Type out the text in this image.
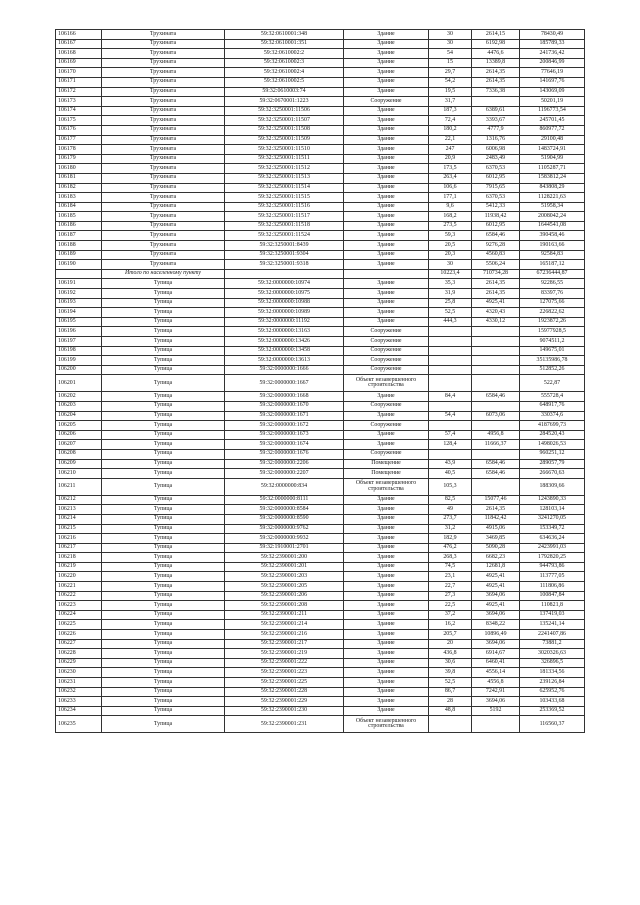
106166	Трухината	59:32:0610001:348	Здание	30	2614,15	78430,49
106167	Трухината	59:32:0610001:351	Здание	30	6192,98	185789,33
106168	Трухината	59:32:0610002:2	Здание	54	4476,6	241736,42
106169	Трухината	59:32:0610002:3	Здание	15	13389,8	200846,99
106170	Трухината	59:32:0610002:4	Здание	29,7	2614,35	77646,19
106171	Трухината	59:32:0610002:5	Здание	54,2	2614,35	141697,76
106172	Трухината	59:32:0610003:74	Здание	19,5	7336,38	143069,09
106173	Трухината	59:32:0670001:1223	Сооружение	31,7		50201,19
106174	Трухината	59:32:3250001:11506	Здание	187,3	6389,61	1196773,54
106175	Трухината	59:32:3250001:11507	Здание	72,4	3393,67	245701,45
106176	Трухината	59:32:3250001:11508	Здание	180,2	4777,9	860977,72
106177	Трухината	59:32:3250001:11509	Здание	22,1	1316,76	29100,48
106178	Трухината	59:32:3250001:11510	Здание	247	6006,98	1483724,91
106179	Трухината	59:32:3250001:11511	Здание	20,9	2483,49	51904,99
106180	Трухината	59:32:3250001:11512	Здание	173,5	6370,53	1105287,71
106181	Трухината	59:32:3250001:11513	Здание	263,4	6012,95	1583812,24
106182	Трухината	59:32:3250001:11514	Здание	106,6	7915,65	843808,29
106183	Трухината	59:32:3250001:11515	Здание	177,1	6370,53	1128221,63
106184	Трухината	59:32:3250001:11516	Здание	9,6	5412,33	51958,34
106185	Трухината	59:32:3250001:11517	Здание	168,2	11938,42	2008042,24
106186	Трухината	59:32:3250001:11518	Здание	273,5	6012,95	1644541,08
106187	Трухината	59:32:3250001:11524	Здание	59,3	6584,46	390458,46
106188	Трухината	59:32:3250001:8439	Здание	20,5	9276,28	190163,66
106189	Трухината	59:32:3250001:9304	Здание	20,3	4560,83	92584,83
106190	Трухината	59:32:3250001:9318	Здание	30	5506,24	165187,12
	Итого по населенному пункту			10223,4	710734,28	67236444,87
106191	Тупица	59:32:0000000:10974	Здание	35,3	2614,35	92286,55
106192	Тупица	59:32:0000000:10975	Здание	31,9	2614,35	83397,76
106193	Тупица	59:32:0000000:10988	Здание	25,8	4925,41	127075,66
106194	Тупица	59:32:0000000:10989	Здание	52,5	4320,43	226822,62
106195	Тупица	59:32:0000000:11192	Здание	444,3	4330,12	1923872,26
106196	Тупица	59:32:0000000:13163	Сооружение			15977928,5
106197	Тупица	59:32:0000000:13426	Сооружение			9074511,2
106198	Тупица	59:32:0000000:13458	Сооружение			149675,01
106199	Тупица	59:32:0000000:13613	Сооружение			35135986,78
106200	Тупица	59:32:0000000:1666	Сооружение			512852,26
106201	Тупица	59:32:0000000:1667	Объект незавершенного строительства			522,87
106202	Тупица	59:32:0000000:1668	Здание	84,4	6584,46	555728,4
106203	Тупица	59:32:0000000:1670	Сооружение			648917,76
106204	Тупица	59:32:0000000:1671	Здание	54,4	6073,06	330374,6
106205	Тупица	59:32:0000000:1672	Сооружение			4187699,73
106206	Тупица	59:32:0000000:1673	Здание	57,4	4956,8	284520,43
106207	Тупица	59:32:0000000:1674	Здание	128,4	11666,37	1498026,53
106208	Тупица	59:32:0000000:1676	Сооружение			960251,12
106209	Тупица	59:32:0000000:2206	Помещение	43,9	6584,46	289057,79
106210	Тупица	59:32:0000000:2207	Помещение	40,5	6584,46	266670,63
106211	Тупица	59:32:0000000:834	Объект незавершенного строительства	105,3		188309,66
106212	Тупица	59:32:0000000:8111	Здание	82,5	15077,46	1243890,33
106213	Тупица	59:32:0000000:8584	Здание	49	2614,35	128103,14
106214	Тупица	59:32:0000000:8590	Здание	273,7	11842,42	3241270,05
106215	Тупица	59:32:0000000:9762	Здание	31,2	4915,06	153349,72
106216	Тупица	59:32:0000000:9932	Здание	182,9	3469,85	634636,24
106217	Тупица	59:32:1910001:2701	Здание	476,2	5090,28	2423991,03
106218	Тупица	59:32:2390001:200	Здание	268,3	6682,23	1792820,25
106219	Тупица	59:32:2390001:201	Здание	74,5	12681,8	944793,86
106220	Тупица	59:32:2390001:203	Здание	23,1	4925,41	113777,05
106221	Тупица	59:32:2390001:205	Здание	22,7	4925,41	111806,86
106222	Тупица	59:32:2390001:206	Здание	27,3	3694,06	100847,84
106223	Тупица	59:32:2390001:208	Здание	22,5	4925,41	110821,8
106224	Тупица	59:32:2390001:211	Здание	37,2	3694,06	137419,03
106225	Тупица	59:32:2390001:214	Здание	16,2	8348,22	135241,14
106226	Тупица	59:32:2390001:216	Здание	205,7	10896,49	2241407,86
106227	Тупица	59:32:2390001:217	Здание	20	3694,06	73881,2
106228	Тупица	59:32:2390001:219	Здание	436,8	6914,67	3020326,63
106229	Тупица	59:32:2390001:222	Здание	30,6	6460,41	326896,5
106230	Тупица	59:32:2390001:223	Здание	39,8	4556,14	181334,56
106231	Тупица	59:32:2390001:225	Здание	52,5	4556,8	239126,84
106232	Тупица	59:32:2390001:228	Здание	86,7	7242,91	625952,76
106233	Тупица	59:32:2390001:229	Здание	28	3694,06	103433,68
106234	Тупица	59:32:2390001:230	Здание	48,8	5192	253369,52
106235	Тупица	59:32:2390001:231	Объект незавершенного строительства			116560,37
